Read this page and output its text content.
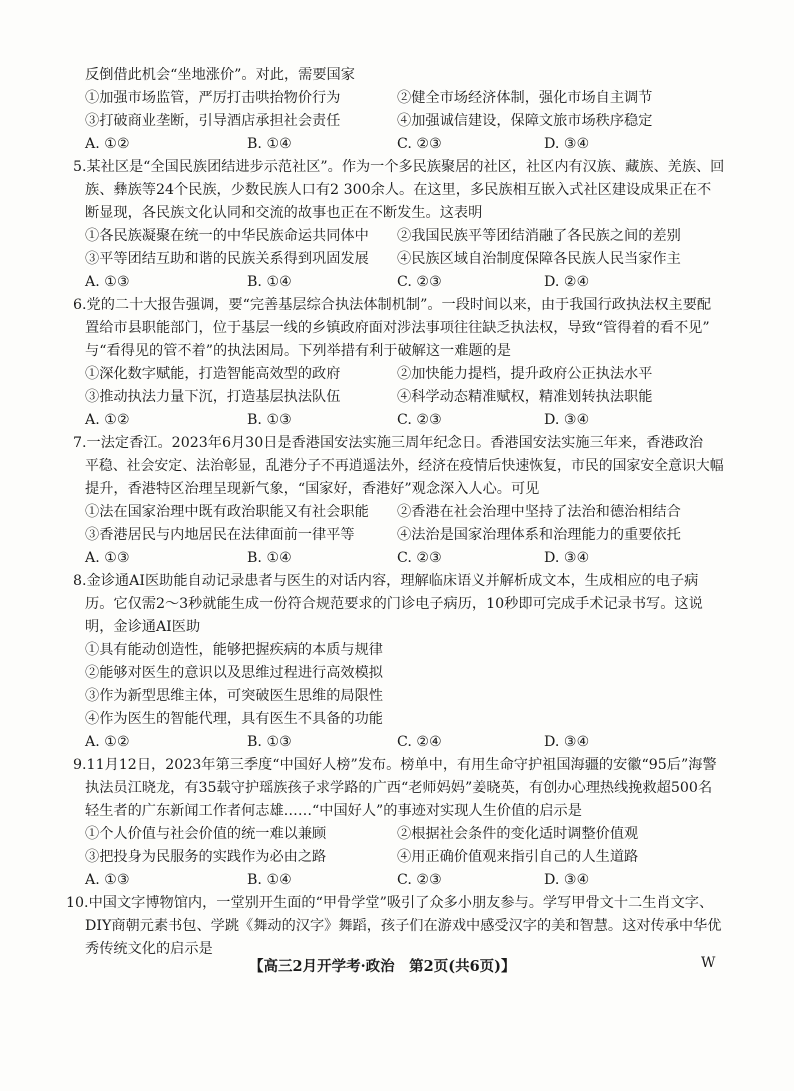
反倒借此机会“坐地涨价”。对此，需要国家
①加强市场监管，严厉打击哄抬物价行为	②健全市场经济体制，强化市场自主调节
③打破商业垄断，引导酒店承担社会责任	④加强诚信建设，保障文旅市场秩序稳定
A. ①②	B. ①④	C. ②③	D. ③④
5.某社区是“全国民族团结进步示范社区”。作为一个多民族聚居的社区，社区内有汉族、藏族、羌族、回
族、彝族等24个民族，少数民族人口有2 300余人。在这里，多民族相互嵌入式社区建设成果正在不
断显现，各民族文化认同和交流的故事也正在不断发生。这表明
①各民族凝聚在统一的中华民族命运共同体中 ②我国民族平等团结消融了各民族之间的差别
③平等团结互助和谐的民族关系得到巩固发展 ④民族区域自治制度保障各民族人民当家作主
A. ①③	B. ①④	C. ②③	D. ②④
6.党的二十大报告强调，要“完善基层综合执法体制机制”。一段时间以来，由于我国行政执法权主要配
置给市县职能部门，位于基层一线的乡镇政府面对涉法事项往往缺乏执法权，导致“管得着的看不见”
与“看得见的管不着”的执法困局。下列举措有利于破解这一难题的是
①深化数字赋能，打造智能高效型的政府	②加快能力提档，提升政府公正执法水平
③推动执法力量下沉，打造基层执法队伍	④科学动态精准赋权，精准划转执法职能
A. ①②	B. ①③	C. ②③	D. ③④
7.一法定香江。2023年6月30日是香港国安法实施三周年纪念日。香港国安法实施三年来，香港政治
平稳、社会安定、法治彰显，乱港分子不再逍遥法外，经济在疫情后快速恢复，市民的国家安全意识大幅
提升，香港特区治理呈现新气象，“国家好，香港好”观念深入人心。可见
①法在国家治理中既有政治职能又有社会职能 ②香港在社会治理中坚持了法治和德治相结合
③香港居民与内地居民在法律面前一律平等	④法治是国家治理体系和治理能力的重要依托
A. ①③	B. ①④	C. ②③	D. ③④
8.金诊通AI医助能自动记录患者与医生的对话内容，理解临床语义并解析成文本，生成相应的电子病
历。它仅需2～3秒就能生成一份符合规范要求的门诊电子病历，10秒即可完成手术记录书写。这说
明，金诊通AI医助
①具有能动创造性，能够把握疾病的本质与规律
②能够对医生的意识以及思维过程进行高效模拟
③作为新型思维主体，可突破医生思维的局限性
④作为医生的智能代理，具有医生不具备的功能
A. ①②	B. ①③	C. ②④	D. ③④
9.11月12日，2023年第三季度“中国好人榜”发布。榜单中，有用生命守护祖国海疆的安徽“95后”海警
执法员江晓龙，有35载守护瑶族孩子求学路的广西“老师妈妈”姜晓英，有创办心理热线挽救超500名
轻生者的广东新闻工作者何志雄……“中国好人”的事迹对实现人生价值的启示是
①个人价值与社会价值的统一难以兼顾	②根据社会条件的变化适时调整价值观
③把投身为民服务的实践作为必由之路	④用正确价值观来指引自己的人生道路
A. ①③	B. ①④	C. ②③	D. ③④
10.中国文字博物馆内，一堂别开生面的“甲骨学堂”吸引了众多小朋友参与。学写甲骨文十二生肖文字、
DIY商朝元素书包、学跳《舞动的汉字》舞蹈，孩子们在游戏中感受汉字的美和智慧。这对传承中华优
秀传统文化的启示是
【高三2月开学考·政治　第2页(共6页)】	W
